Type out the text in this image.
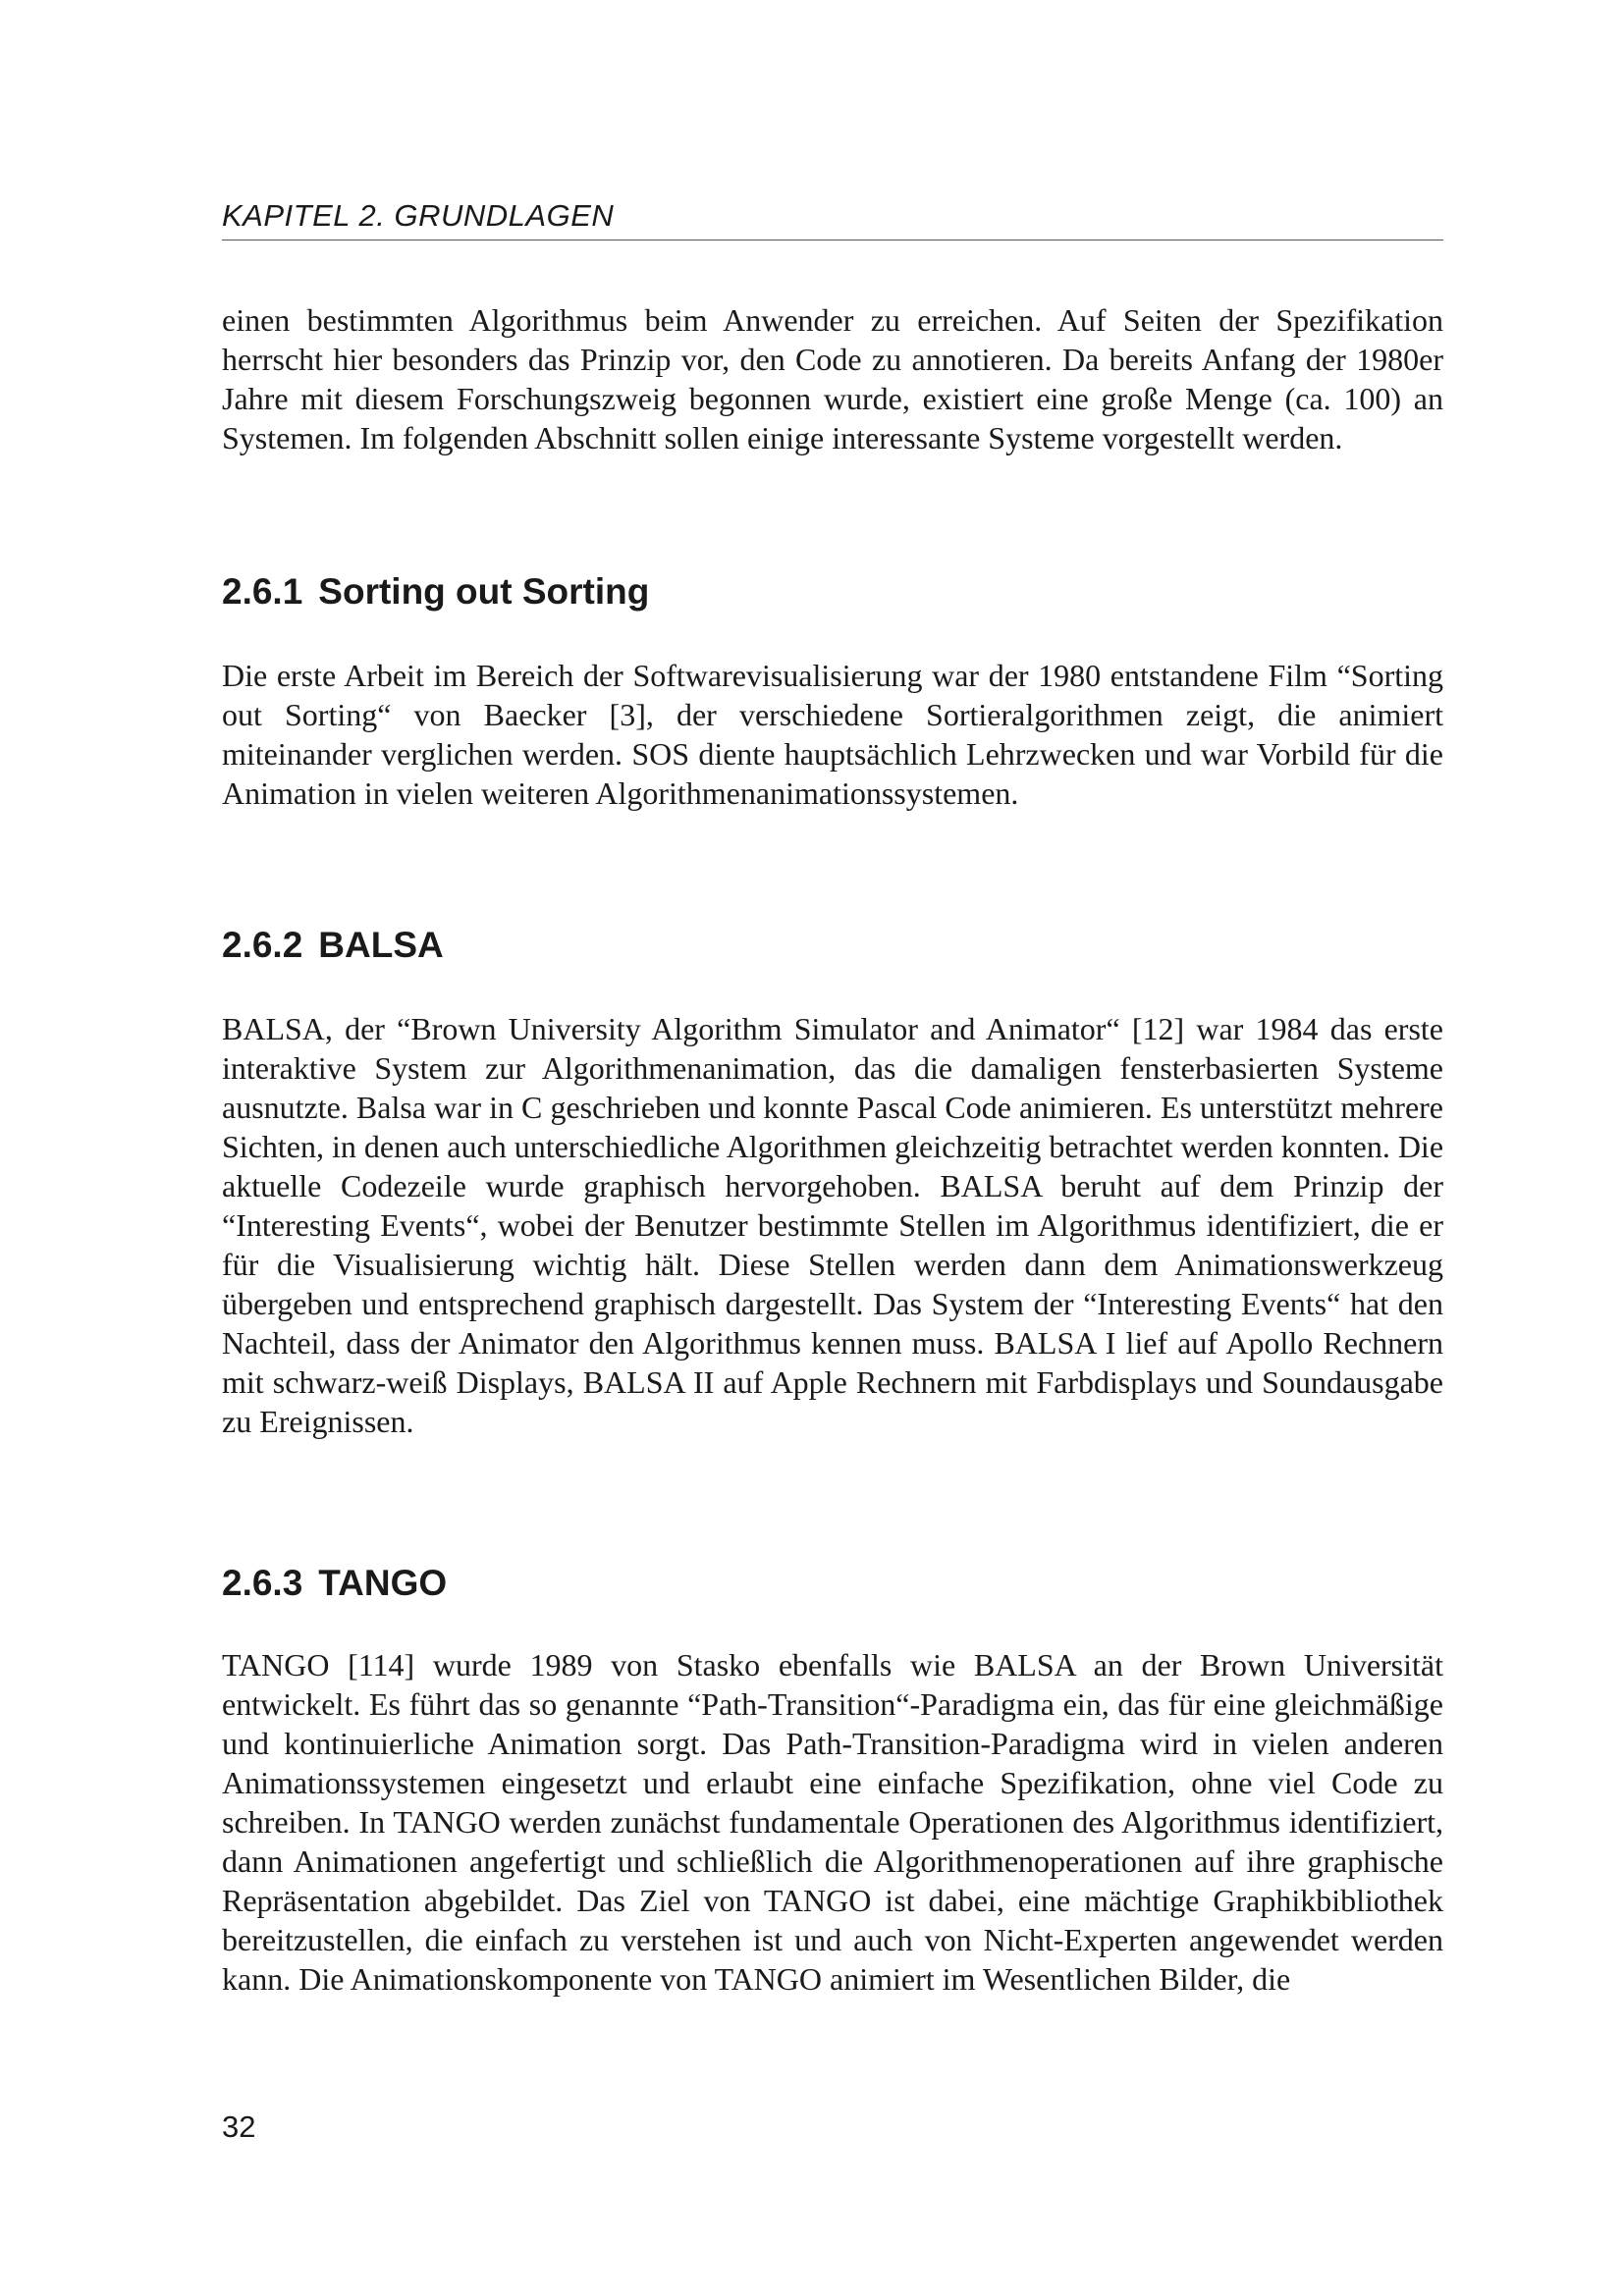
KAPITEL 2. GRUNDLAGEN

einen bestimmten Algorithmus beim Anwender zu erreichen. Auf Seiten der Spezifikation herrscht hier besonders das Prinzip vor, den Code zu annotieren. Da bereits Anfang der 1980er Jahre mit diesem Forschungszweig begonnen wurde, existiert eine große Menge (ca. 100) an Systemen. Im folgenden Abschnitt sollen einige interessante Systeme vorgestellt werden.

2.6.1 Sorting out Sorting

Die erste Arbeit im Bereich der Softwarevisualisierung war der 1980 entstandene Film “Sorting out Sorting“ von Baecker [3], der verschiedene Sortieralgorithmen zeigt, die animiert miteinander verglichen werden. SOS diente hauptsächlich Lehrzwecken und war Vorbild für die Animation in vielen weiteren Algorithmenanimationssystemen.

2.6.2 BALSA

BALSA, der “Brown University Algorithm Simulator and Animator“ [12] war 1984 das erste interaktive System zur Algorithmenanimation, das die damaligen fensterbasierten Systeme ausnutzte. Balsa war in C geschrieben und konnte Pascal Code animieren. Es unterstützt mehrere Sichten, in denen auch unterschiedliche Algorithmen gleichzeitig betrachtet werden konnten. Die aktuelle Codezeile wurde graphisch hervorgehoben. BALSA beruht auf dem Prinzip der “Interesting Events“, wobei der Benutzer bestimmte Stellen im Algorithmus identifiziert, die er für die Visualisierung wichtig hält. Diese Stellen werden dann dem Animationswerkzeug übergeben und entsprechend graphisch dargestellt. Das System der “Interesting Events“ hat den Nachteil, dass der Animator den Algorithmus kennen muss. BALSA I lief auf Apollo Rechnern mit schwarz-weiß Displays, BALSA II auf Apple Rechnern mit Farbdisplays und Soundausgabe zu Ereignissen.

2.6.3 TANGO

TANGO [114] wurde 1989 von Stasko ebenfalls wie BALSA an der Brown Universität entwickelt. Es führt das so genannte “Path-Transition“-Paradigma ein, das für eine gleichmäßige und kontinuierliche Animation sorgt. Das Path-Transition-Paradigma wird in vielen anderen Animationssystemen eingesetzt und erlaubt eine einfache Spezifikation, ohne viel Code zu schreiben. In TANGO werden zunächst fundamentale Operationen des Algorithmus identifiziert, dann Animationen angefertigt und schließlich die Algorithmenoperationen auf ihre graphische Repräsentation abgebildet. Das Ziel von TANGO ist dabei, eine mächtige Graphikbibliothek bereitzustellen, die einfach zu verstehen ist und auch von Nicht-Experten angewendet werden kann. Die Animationskomponente von TANGO animiert im Wesentlichen Bilder, die

32
